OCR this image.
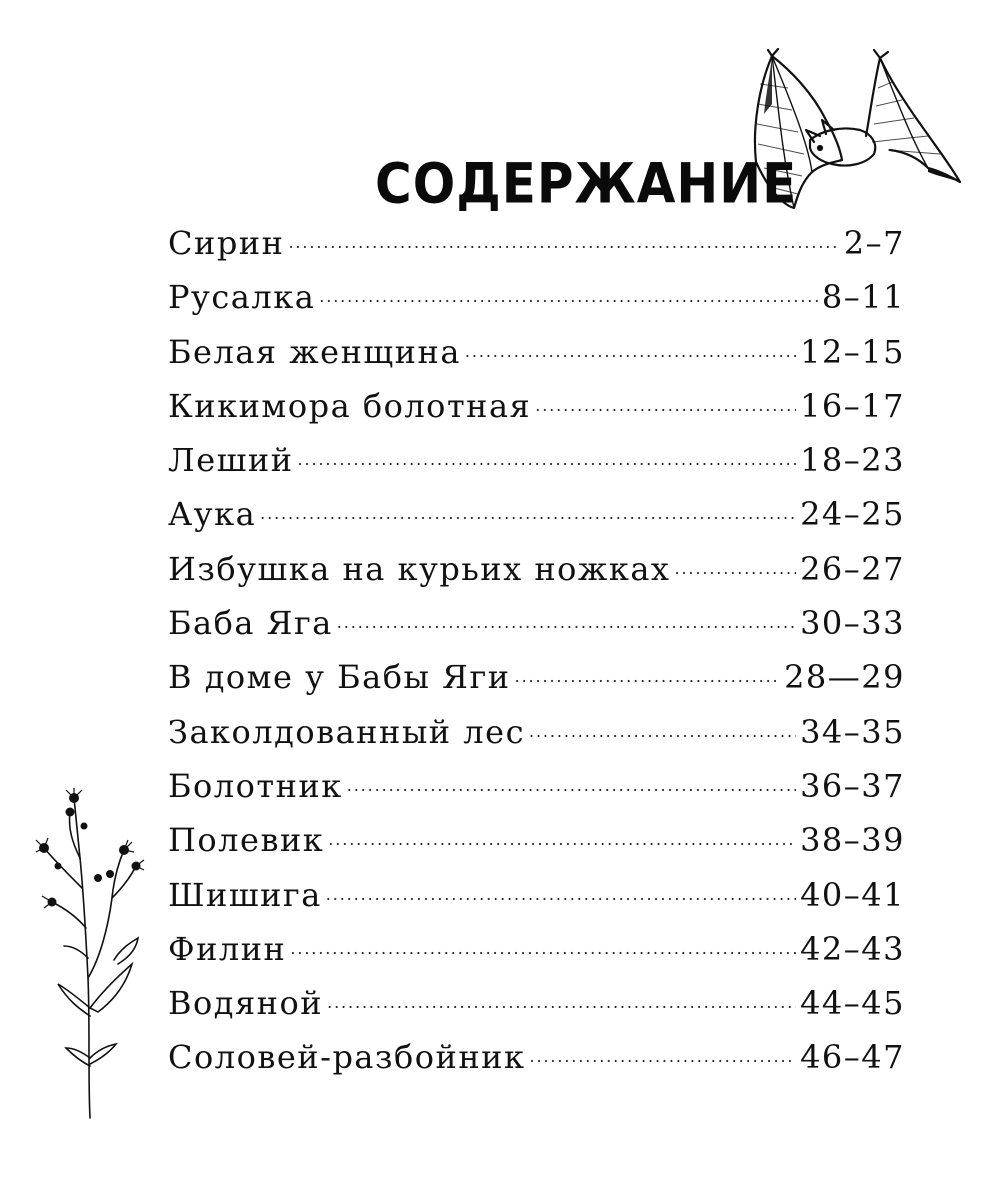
СОДЕРЖАНИЕ
Сирин . . .	2–7
Русалка . . .	8–11
Белая женщина . . .	12–15
Кикимора болотная . . .	16–17
Леший . . .	18–23
Аука . . .	24–25
Избушка на курьих ножках . . .	26–27
Баба Яга . . .	30–33
В доме у Бабы Яги . . .	28—29
Заколдованный лес . . .	34–35
Болотник . . .	36–37
Полевик . . .	38–39
Шишига . . .	40–41
Филин . . .	42–43
Водяной . . .	44–45
Соловей-разбойник . . .	46–47
